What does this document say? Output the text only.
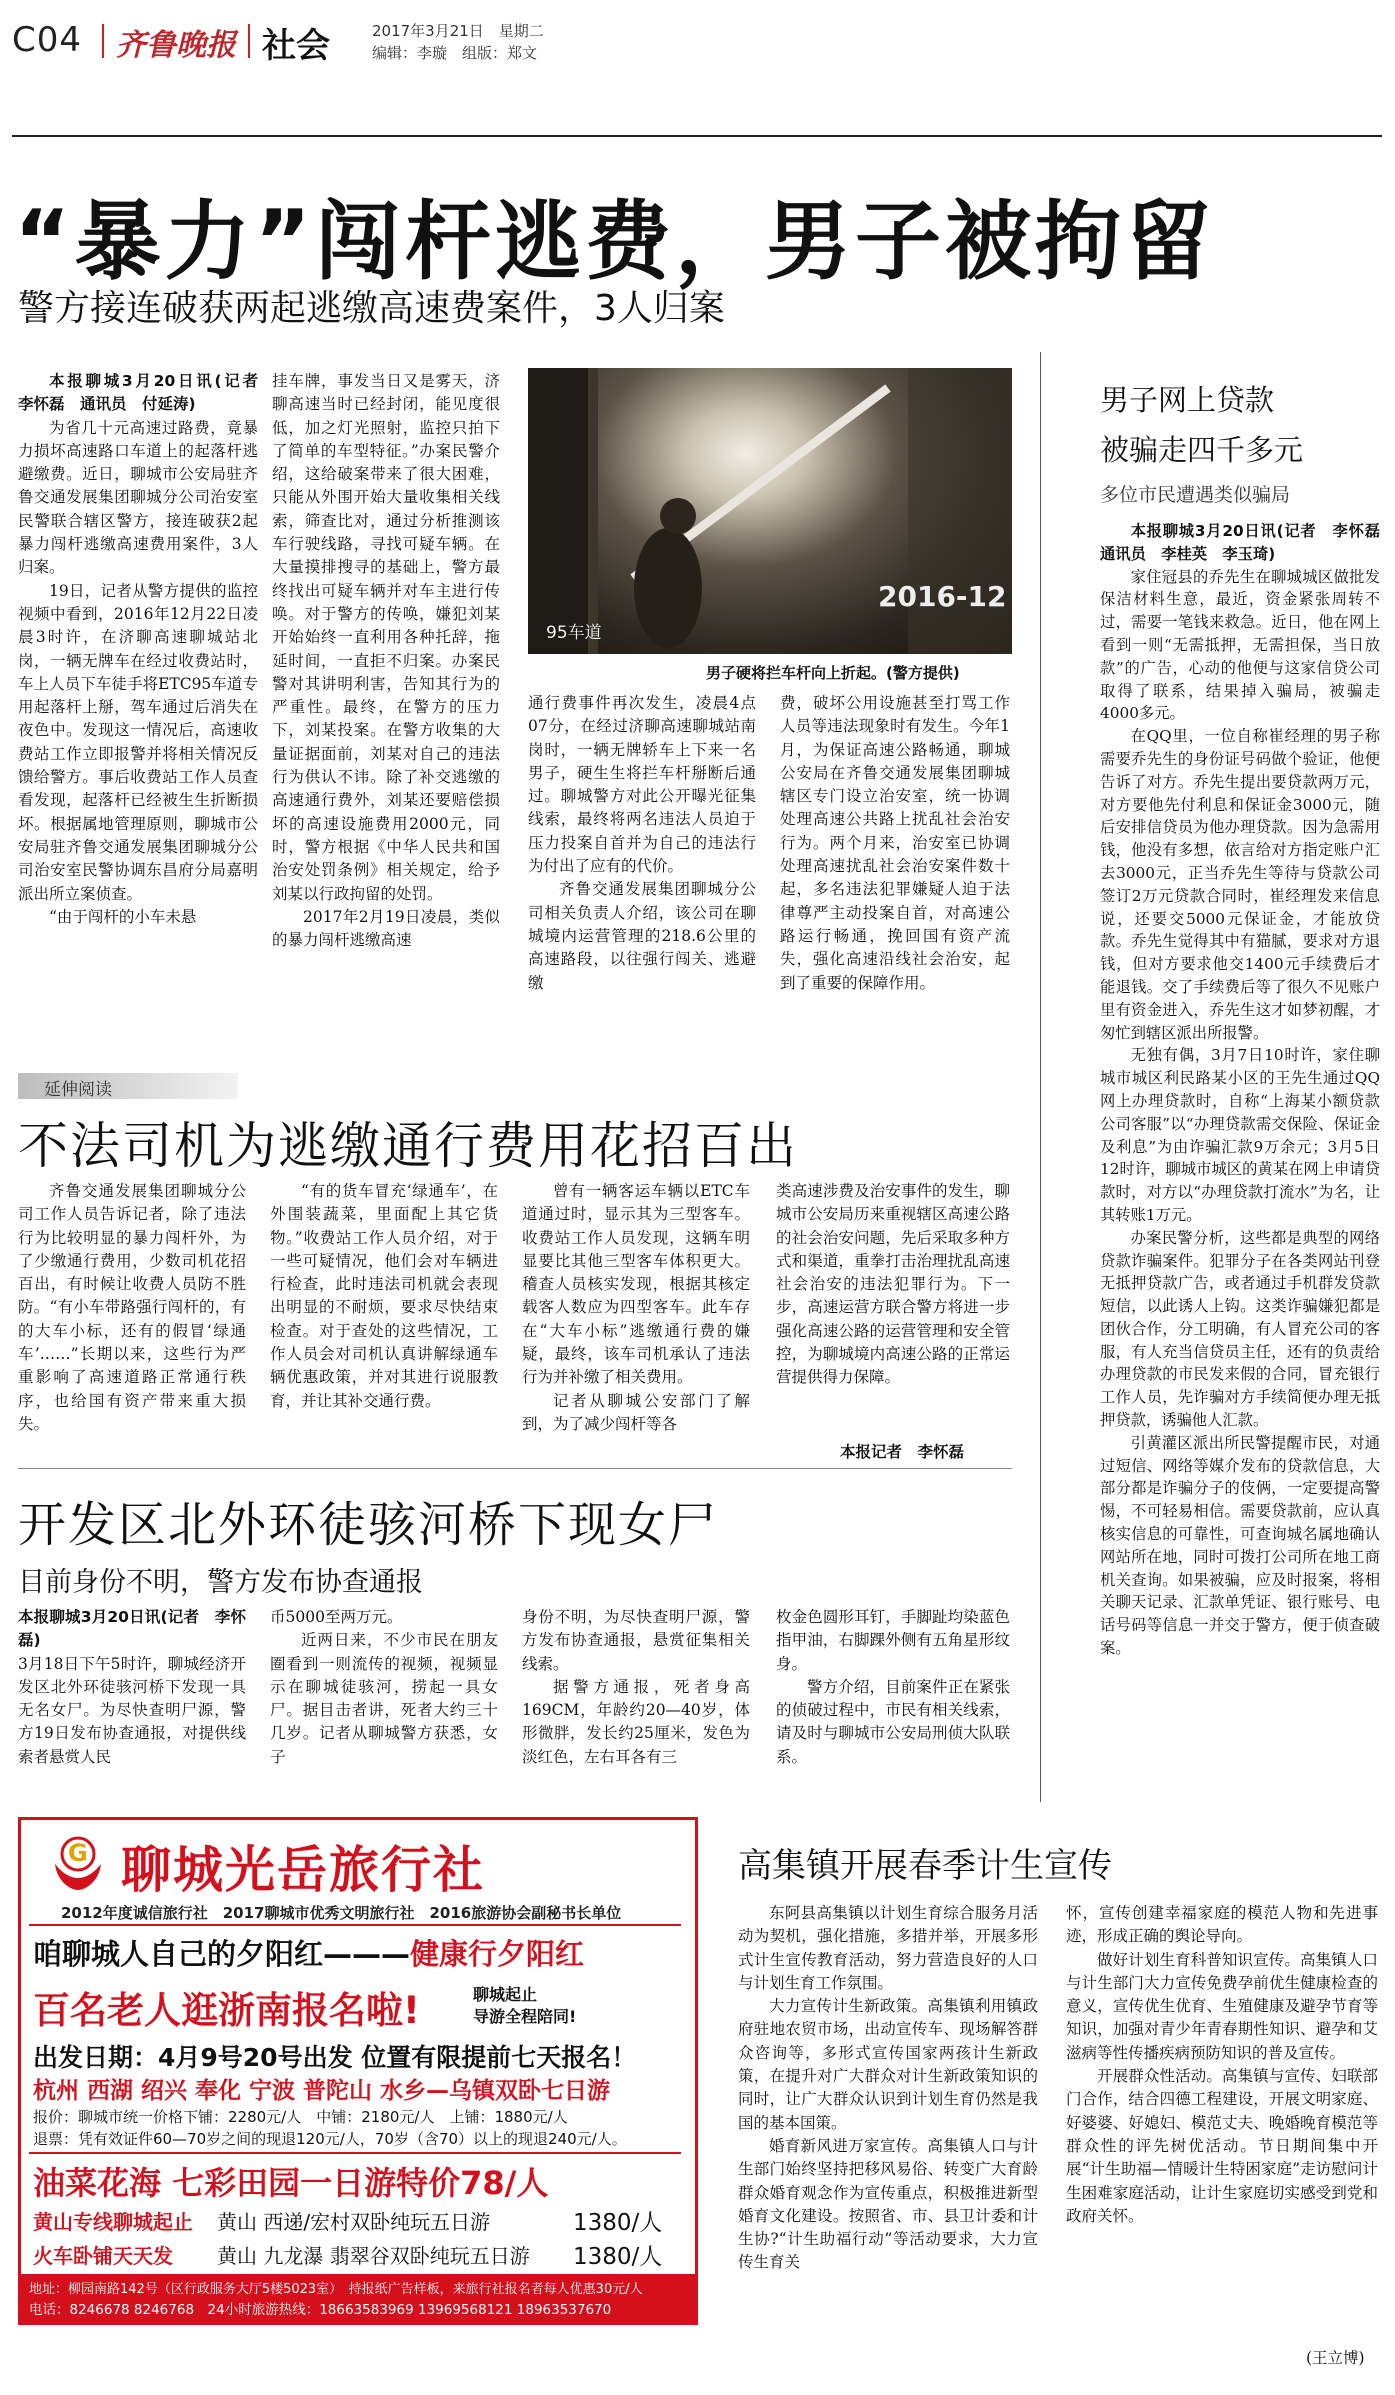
C04 齐鲁晚报 社会	2017年3月21日　星期二
编辑：李璇　组版：郑文
“暴力”闯杆逃费，男子被拘留
警方接连破获两起逃缴高速费案件，3人归案

本报聊城3月20日讯(记者　李怀磊　通讯员　付延涛)

为省几十元高速过路费，竟暴力损坏高速路口车道上的起落杆逃避缴费。近日，聊城市公安局驻齐鲁交通发展集团聊城分公司治安室民警联合辖区警方，接连破获2起暴力闯杆逃缴高速费用案件，3人归案。

19日，记者从警方提供的监控视频中看到，2016年12月22日凌晨3时许，在济聊高速聊城站北岗，一辆无牌车在经过收费站时，车上人员下车徒手将ETC95车道专用起落杆上掰，驾车通过后消失在夜色中。发现这一情况后，高速收费站工作立即报警并将相关情况反馈给警方。事后收费站工作人员查看发现，起落杆已经被生生折断损坏。根据属地管理原则，聊城市公安局驻齐鲁交通发展集团聊城分公司治安室民警协调东昌府分局嘉明派出所立案侦查。

“由于闯杆的小车未悬

挂车牌，事发当日又是雾天，济聊高速当时已经封闭，能见度很低，加之灯光照射，监控只拍下了简单的车型特征。”办案民警介绍，这给破案带来了很大困难，只能从外围开始大量收集相关线索，筛查比对，通过分析推测该车行驶线路，寻找可疑车辆。在大量摸排搜寻的基础上，警方最终找出可疑车辆并对车主进行传唤。对于警方的传唤，嫌犯刘某开始始终一直利用各种托辞，拖延时间，一直拒不归案。办案民警对其讲明利害，告知其行为的严重性。最终，在警方的压力下，刘某投案。在警方收集的大量证据面前，刘某对自己的违法行为供认不讳。除了补交逃缴的高速通行费外，刘某还要赔偿损坏的高速设施费用2000元，同时，警方根据《中华人民共和国治安处罚条例》相关规定，给予刘某以行政拘留的处罚。

2017年2月19日凌晨，类似的暴力闯杆逃缴高速

2016-12
95车道
男子硬将拦车杆向上折起。(警方提供)

通行费事件再次发生，凌晨4点07分，在经过济聊高速聊城站南岗时，一辆无牌轿车上下来一名男子，硬生生将拦车杆掰断后通过。聊城警方对此公开曝光征集线索，最终将两名违法人员迫于压力投案自首并为自己的违法行为付出了应有的代价。

齐鲁交通发展集团聊城分公司相关负责人介绍，该公司在聊城境内运营管理的218.6公里的高速路段，以往强行闯关、逃避缴

费，破坏公用设施甚至打骂工作人员等违法现象时有发生。今年1月，为保证高速公路畅通，聊城公安局在齐鲁交通发展集团聊城辖区专门设立治安室，统一协调处理高速公共路上扰乱社会治安行为。两个月来，治安室已协调处理高速扰乱社会治安案件数十起，多名违法犯罪嫌疑人迫于法律尊严主动投案自首，对高速公路运行畅通，挽回国有资产流失，强化高速沿线社会治安，起到了重要的保障作用。

延伸阅读
不法司机为逃缴通行费用花招百出

齐鲁交通发展集团聊城分公司工作人员告诉记者，除了违法行为比较明显的暴力闯杆外，为了少缴通行费用，少数司机花招百出，有时候让收费人员防不胜防。“有小车带路强行闯杆的，有的大车小标，还有的假冒‘绿通车’……”长期以来，这些行为严重影响了高速道路正常通行秩序，也给国有资产带来重大损失。

“有的货车冒充‘绿通车’，在外围装蔬菜，里面配上其它货物。”收费站工作人员介绍，对于一些可疑情况，他们会对车辆进行检查，此时违法司机就会表现出明显的不耐烦，要求尽快结束检查。对于查处的这些情况，工作人员会对司机认真讲解绿通车辆优惠政策，并对其进行说服教育，并让其补交通行费。

曾有一辆客运车辆以ETC车道通过时，显示其为三型客车。收费站工作人员发现，这辆车明显要比其他三型客车体积更大。稽查人员核实发现，根据其核定载客人数应为四型客车。此车存在“大车小标”逃缴通行费的嫌疑，最终，该车司机承认了违法行为并补缴了相关费用。

记者从聊城公安部门了解到，为了减少闯杆等各

类高速涉费及治安事件的发生，聊城市公安局历来重视辖区高速公路的社会治安问题，先后采取多种方式和渠道，重拳打击治理扰乱高速社会治安的违法犯罪行为。下一步，高速运营方联合警方将进一步强化高速公路的运营管理和安全管控，为聊城境内高速公路的正常运营提供得力保障。

本报记者　李怀磊
开发区北外环徒骇河桥下现女尸
目前身份不明，警方发布协查通报

本报聊城3月20日讯(记者　李怀磊)

3月18日下午5时许，聊城经济开发区北外环徒骇河桥下发现一具无名女尸。为尽快查明尸源，警方19日发布协查通报，对提供线索者悬赏人民

币5000至两万元。

近两日来，不少市民在朋友圈看到一则流传的视频，视频显示在聊城徒骇河，捞起一具女尸。据目击者讲，死者大约三十几岁。记者从聊城警方获悉，女子

身份不明，为尽快查明尸源，警方发布协查通报，悬赏征集相关线索。

据警方通报，死者身高169CM，年龄约20—40岁，体形微胖，发长约25厘米，发色为淡红色，左右耳各有三

枚金色圆形耳钉，手脚趾均染蓝色指甲油，右脚踝外侧有五角星形纹身。

警方介绍，目前案件正在紧张的侦破过程中，市民有相关线索，请及时与聊城市公安局刑侦大队联系。

男子网上贷款
被骗走四千多元
多位市民遭遇类似骗局

本报聊城3月20日讯(记者　李怀磊　通讯员　李桂英　李玉琦)

家住冠县的乔先生在聊城城区做批发保洁材料生意，最近，资金紧张周转不过，需要一笔钱来救急。近日，他在网上看到一则“无需抵押，无需担保，当日放款”的广告，心动的他便与这家信贷公司取得了联系，结果掉入骗局，被骗走4000多元。

在QQ里，一位自称崔经理的男子称需要乔先生的身份证号码做个验证，他便告诉了对方。乔先生提出要贷款两万元，对方要他先付利息和保证金3000元，随后安排信贷员为他办理贷款。因为急需用钱，他没有多想，依言给对方指定账户汇去3000元，正当乔先生等待与贷款公司签订2万元贷款合同时，崔经理发来信息说，还要交5000元保证金，才能放贷款。乔先生觉得其中有猫腻，要求对方退钱，但对方要求他交1400元手续费后才能退钱。交了手续费后等了很久不见账户里有资金进入，乔先生这才如梦初醒，才匆忙到辖区派出所报警。

无独有偶，3月7日10时许，家住聊城市城区利民路某小区的王先生通过QQ网上办理贷款时，自称“上海某小额贷款公司客服”以“办理贷款需交保险、保证金及利息”为由诈骗汇款9万余元；3月5日12时许，聊城市城区的黄某在网上申请贷款时，对方以“办理贷款打流水”为名，让其转账1万元。

办案民警分析，这些都是典型的网络贷款诈骗案件。犯罪分子在各类网站刊登无抵押贷款广告，或者通过手机群发贷款短信，以此诱人上钩。这类诈骗嫌犯都是团伙合作，分工明确，有人冒充公司的客服，有人充当信贷员主任，还有的负责给办理贷款的市民发来假的合同，冒充银行工作人员，先诈骗对方手续简便办理无抵押贷款，诱骗他人汇款。

引黄灌区派出所民警提醒市民，对通过短信、网络等媒介发布的贷款信息，大部分都是诈骗分子的伎俩，一定要提高警惕，不可轻易相信。需要贷款前，应认真核实信息的可靠性，可查询城名属地确认网站所在地，同时可拨打公司所在地工商机关查询。如果被骗，应及时报案，将相关聊天记录、汇款单凭证、银行账号、电话号码等信息一并交于警方，便于侦查破案。

G 聊城光岳旅行社
2012年度诚信旅行社　2017聊城市优秀文明旅行社　2016旅游协会副秘书长单位
咱聊城人自己的夕阳红———健康行夕阳红
百名老人逛浙南报名啦!	聊城起止
导游全程陪同!
出发日期：4月9号20号出发 位置有限提前七天报名！
杭州 西湖 绍兴 奉化 宁波 普陀山 水乡—乌镇双卧七日游
报价：聊城市统一价格下铺：2280元/人　中铺：2180元/人　上铺：1880元/人
退票：凭有效证件60—70岁之间的现退120元/人，70岁（含70）以上的现退240元/人。
油菜花海 七彩田园一日游特价78/人
黄山专线聊城起止 黄山 西递/宏村双卧纯玩五日游	1380/人
火车卧铺天天发 黄山 九龙瀑 翡翠谷双卧纯玩五日游 1380/人
地址：柳园南路142号（区行政服务大厅5楼5023室）　持报纸广告样板，来旅行社报名者每人优惠30元/人
电话：8246678 8246768　24小时旅游热线：18663583969 13969568121 18963537670
高集镇开展春季计生宣传

东阿县高集镇以计划生育综合服务月活动为契机，强化措施，多措并举，开展多形式计生宣传教育活动，努力营造良好的人口与计划生育工作氛围。

大力宣传计生新政策。高集镇利用镇政府驻地农贸市场，出动宣传车、现场解答群众咨询等，多形式宣传国家两孩计生新政策，在提升对广大群众对计生新政策知识的同时，让广大群众认识到计划生育仍然是我国的基本国策。

婚育新风进万家宣传。高集镇人口与计生部门始终坚持把移风易俗、转变广大育龄群众婚育观念作为宣传重点，积极推进新型婚育文化建设。按照省、市、县卫计委和计生协?“计生助福行动”等活动要求，大力宣传生育关

怀，宣传创建幸福家庭的模范人物和先进事迹，形成正确的舆论导向。

做好计划生育科普知识宣传。高集镇人口与计生部门大力宣传免费孕前优生健康检查的意义，宣传优生优育、生殖健康及避孕节育等知识，加强对青少年青春期性知识、避孕和艾滋病等性传播疾病预防知识的普及宣传。

开展群众性活动。高集镇与宣传、妇联部门合作，结合四德工程建设，开展文明家庭、好婆婆、好媳妇、模范丈夫、晚婚晚育模范等群众性的评先树优活动。节日期间集中开展“计生助福—情暖计生特困家庭”走访慰问计生困难家庭活动，让计生家庭切实感受到党和政府关怀。

(王立博)
